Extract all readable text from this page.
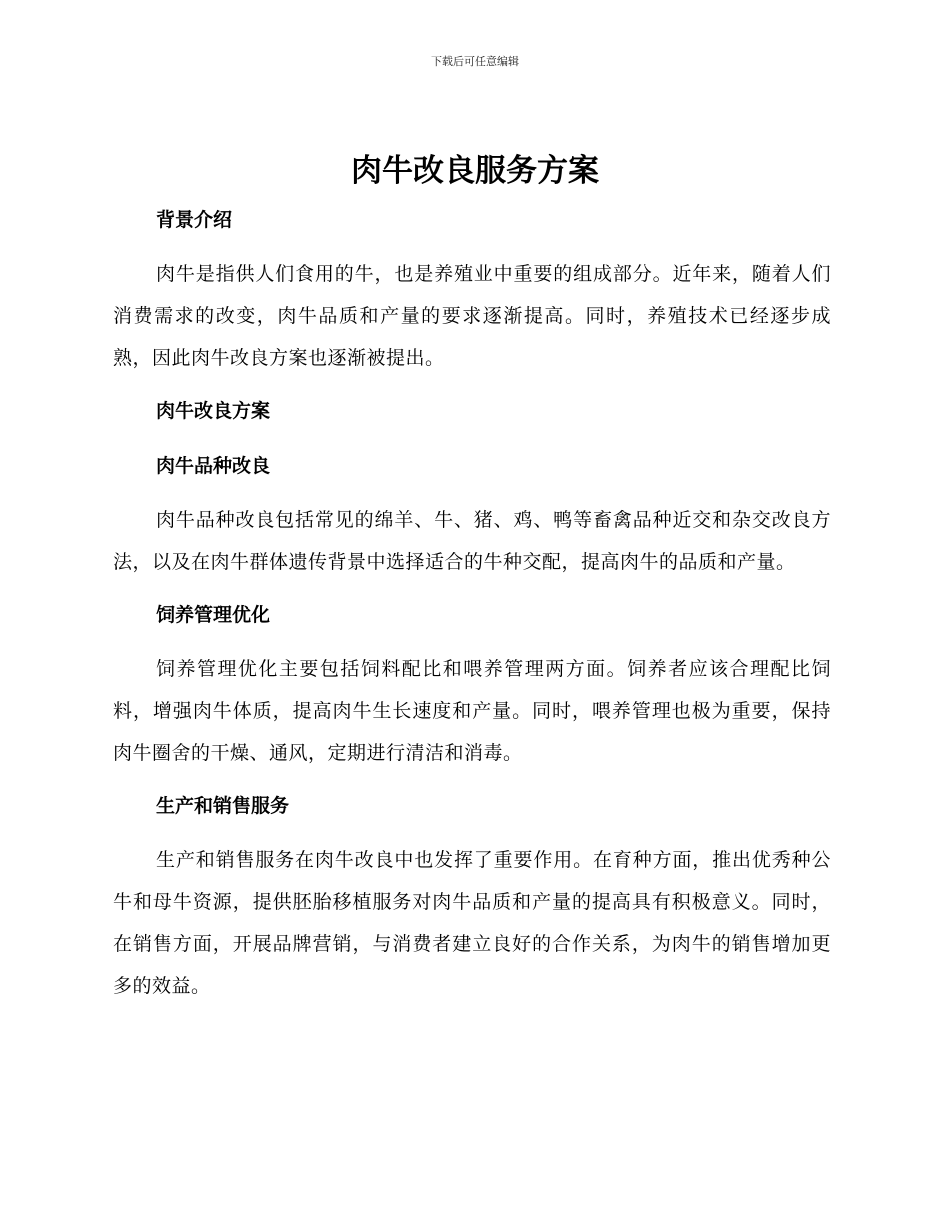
下载后可任意编辑
肉牛改良服务方案
背景介绍

肉牛是指供人们食用的牛，也是养殖业中重要的组成部分。近年来，随着人们消费需求的改变，肉牛品质和产量的要求逐渐提高。同时，养殖技术已经逐步成熟，因此肉牛改良方案也逐渐被提出。

肉牛改良方案
肉牛品种改良

肉牛品种改良包括常见的绵羊、牛、猪、鸡、鸭等畜禽品种近交和杂交改良方法，以及在肉牛群体遗传背景中选择适合的牛种交配，提高肉牛的品质和产量。

饲养管理优化

饲养管理优化主要包括饲料配比和喂养管理两方面。饲养者应该合理配比饲料，增强肉牛体质，提高肉牛生长速度和产量。同时，喂养管理也极为重要，保持肉牛圈舍的干燥、通风，定期进行清洁和消毒。

生产和销售服务

生产和销售服务在肉牛改良中也发挥了重要作用。在育种方面，推出优秀种公牛和母牛资源，提供胚胎移植服务对肉牛品质和产量的提高具有积极意义。同时，在销售方面，开展品牌营销，与消费者建立良好的合作关系，为肉牛的销售增加更多的效益。
